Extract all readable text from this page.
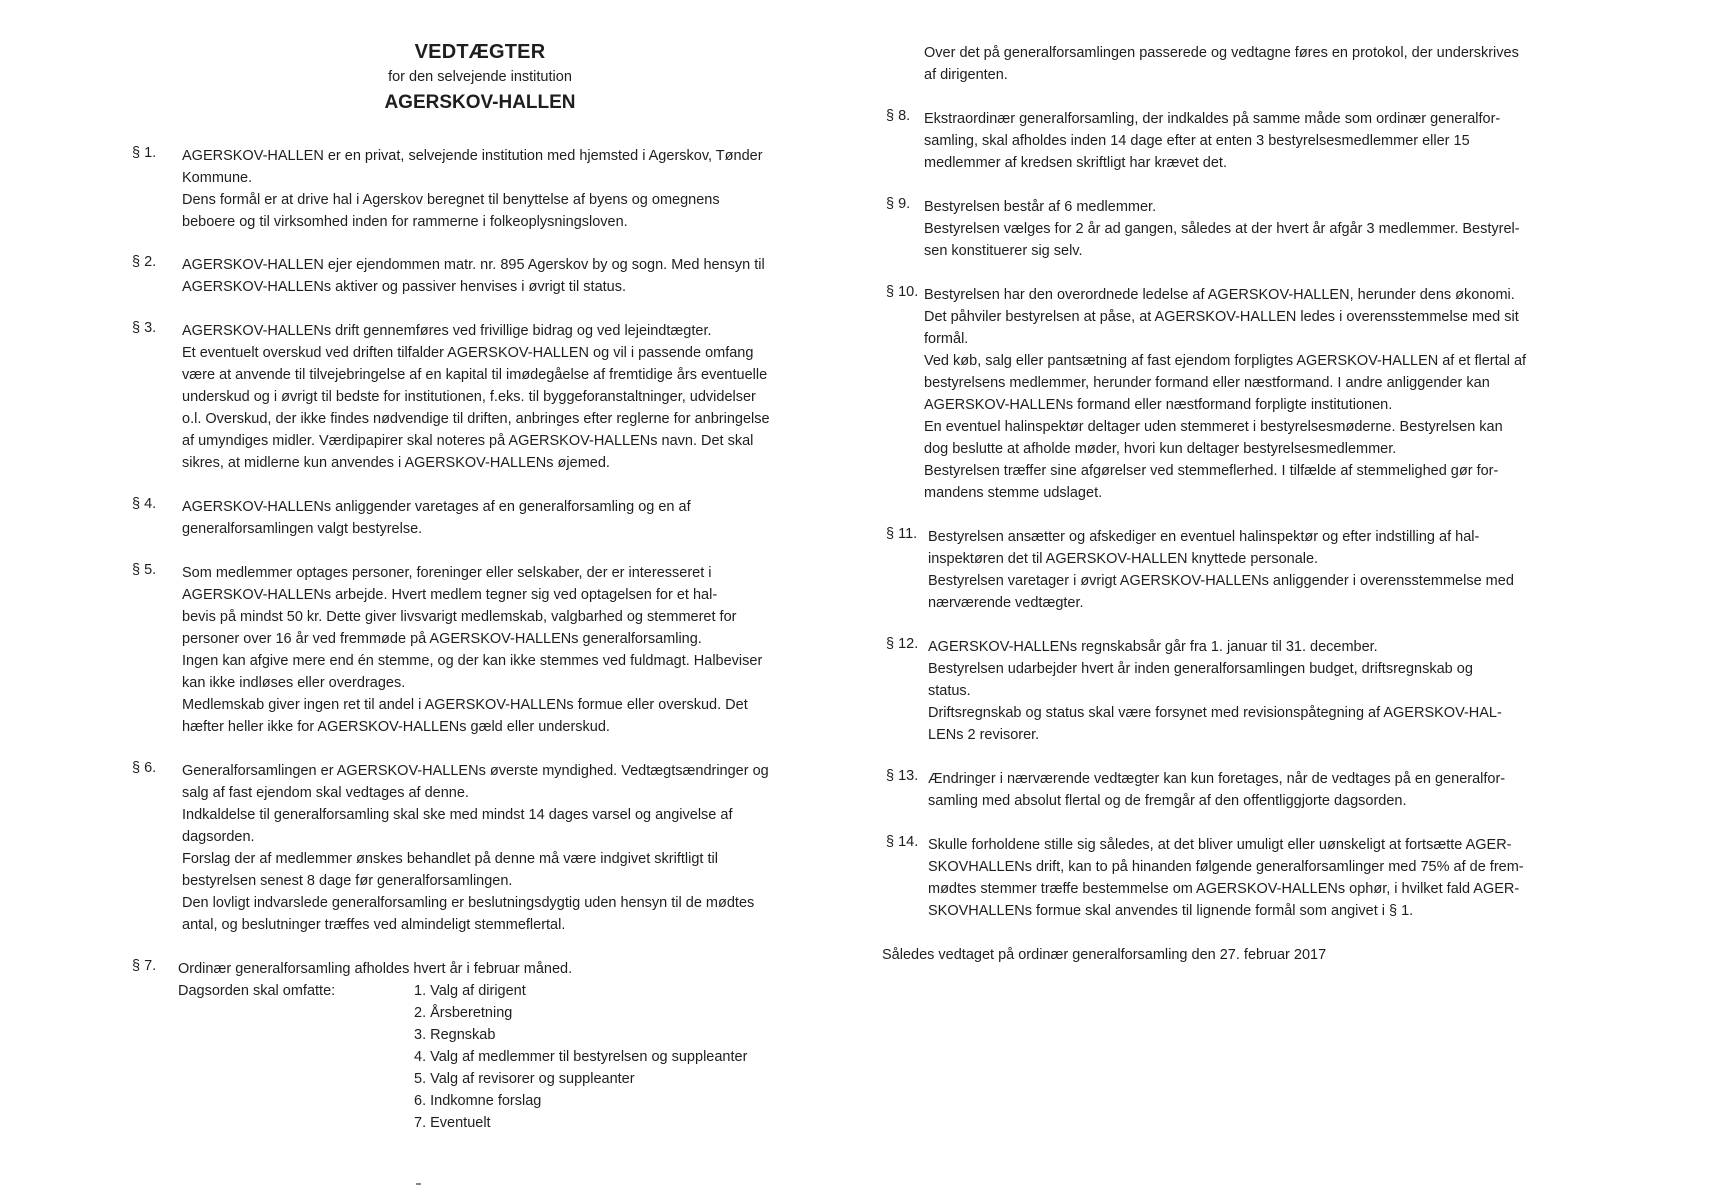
VEDTÆGTER

for den selvejende institution

AGERSKOV-HALLEN

§ 1.	AGERSKOV-HALLEN er en privat, selvejende institution med hjemsted i Agerskov, Tønder
Kommune.
Dens formål er at drive hal i Agerskov beregnet til benyttelse af byens og omegnens
beboere og til virksomhed inden for rammerne i folkeoplysningsloven.
§ 2.	AGERSKOV-HALLEN ejer ejendommen matr. nr. 895 Agerskov by og sogn. Med hensyn til
AGERSKOV-HALLENs aktiver og passiver henvises i øvrigt til status.
§ 3.	AGERSKOV-HALLENs drift gennemføres ved frivillige bidrag og ved lejeindtægter.
Et eventuelt overskud ved driften tilfalder AGERSKOV-HALLEN og vil i passende omfang
være at anvende til tilvejebringelse af en kapital til imødegåelse af fremtidige års eventuelle
underskud og i øvrigt til bedste for institutionen, f.eks. til byggeforanstaltninger, udvidelser
o.l. Overskud, der ikke findes nødvendige til driften, anbringes efter reglerne for anbringelse
af umyndiges midler. Værdipapirer skal noteres på AGERSKOV-HALLENs navn. Det skal
sikres, at midlerne kun anvendes i AGERSKOV-HALLENs øjemed.
§ 4.	AGERSKOV-HALLENs anliggender varetages af en generalforsamling og en af
generalforsamlingen valgt bestyrelse.
§ 5.	Som medlemmer optages personer, foreninger eller selskaber, der er interesseret i
AGERSKOV-HALLENs arbejde. Hvert medlem tegner sig ved optagelsen for et hal-
bevis på mindst 50 kr. Dette giver livsvarigt medlemskab, valgbarhed og stemmeret for
personer over 16 år ved fremmøde på AGERSKOV-HALLENs generalforsamling.
Ingen kan afgive mere end én stemme, og der kan ikke stemmes ved fuldmagt. Halbeviser
kan ikke indløses eller overdrages.
Medlemskab giver ingen ret til andel i AGERSKOV-HALLENs formue eller overskud. Det
hæfter heller ikke for AGERSKOV-HALLENs gæld eller underskud.
§ 6.	Generalforsamlingen er AGERSKOV-HALLENs øverste myndighed. Vedtægtsændringer og
salg af fast ejendom skal vedtages af denne.
Indkaldelse til generalforsamling skal ske med mindst 14 dages varsel og angivelse af
dagsorden.
Forslag der af medlemmer ønskes behandlet på denne må være indgivet skriftligt til
bestyrelsen senest 8 dage før generalforsamlingen.
Den lovligt indvarslede generalforsamling er beslutningsdygtig uden hensyn til de mødtes
antal, og beslutninger træffes ved almindeligt stemmeflertal.
§ 7.	Ordinær generalforsamling afholdes hvert år i februar måned.
Dagsorden skal omfatte:	1. Valg af dirigent
2. Årsberetning
3. Regnskab
4. Valg af medlemmer til bestyrelsen og suppleanter
5. Valg af revisorer og suppleanter
6. Indkomne forslag
7. Eventuelt
Over det på generalforsamlingen passerede og vedtagne føres en protokol, der underskrives
af dirigenten.
§ 8. Ekstraordinær generalforsamling, der indkaldes på samme måde som ordinær generalfor-
samling, skal afholdes inden 14 dage efter at enten 3 bestyrelsesmedlemmer eller 15
medlemmer af kredsen skriftligt har krævet det.
§ 9. Bestyrelsen består af 6 medlemmer.
Bestyrelsen vælges for 2 år ad gangen, således at der hvert år afgår 3 medlemmer. Bestyrel-
sen konstituerer sig selv.
§ 10. Bestyrelsen har den overordnede ledelse af AGERSKOV-HALLEN, herunder dens økonomi.
Det påhviler bestyrelsen at påse, at AGERSKOV-HALLEN ledes i overensstemmelse med sit
formål.
Ved køb, salg eller pantsætning af fast ejendom forpligtes AGERSKOV-HALLEN af et flertal af
bestyrelsens medlemmer, herunder formand eller næstformand. I andre anliggender kan
AGERSKOV-HALLENs formand eller næstformand forpligte institutionen.
En eventuel halinspektør deltager uden stemmeret i bestyrelsesmøderne. Bestyrelsen kan
dog beslutte at afholde møder, hvori kun deltager bestyrelsesmedlemmer.
Bestyrelsen træffer sine afgørelser ved stemmeflerhed. I tilfælde af stemmelighed gør for-
mandens stemme udslaget.
§ 11. Bestyrelsen ansætter og afskediger en eventuel halinspektør og efter indstilling af hal-
inspektøren det til AGERSKOV-HALLEN knyttede personale.
Bestyrelsen varetager i øvrigt AGERSKOV-HALLENs anliggender i overensstemmelse med
nærværende vedtægter.
§ 12. AGERSKOV-HALLENs regnskabsår går fra 1. januar til 31. december.
Bestyrelsen udarbejder hvert år inden generalforsamlingen budget, driftsregnskab og
status.
Driftsregnskab og status skal være forsynet med revisionspåtegning af AGERSKOV-HAL-
LENs 2 revisorer.
§ 13. Ændringer i nærværende vedtægter kan kun foretages, når de vedtages på en generalfor-
samling med absolut flertal og de fremgår af den offentliggjorte dagsorden.
§ 14. Skulle forholdene stille sig således, at det bliver umuligt eller uønskeligt at fortsætte AGER-
SKOVHALLENs drift, kan to på hinanden følgende generalforsamlinger med 75% af de frem-
mødtes stemmer træffe bestemmelse om AGERSKOV-HALLENs ophør, i hvilket fald AGER-
SKOVHALLENs formue skal anvendes til lignende formål som angivet i § 1.
Således vedtaget på ordinær generalforsamling den 27. februar 2017
